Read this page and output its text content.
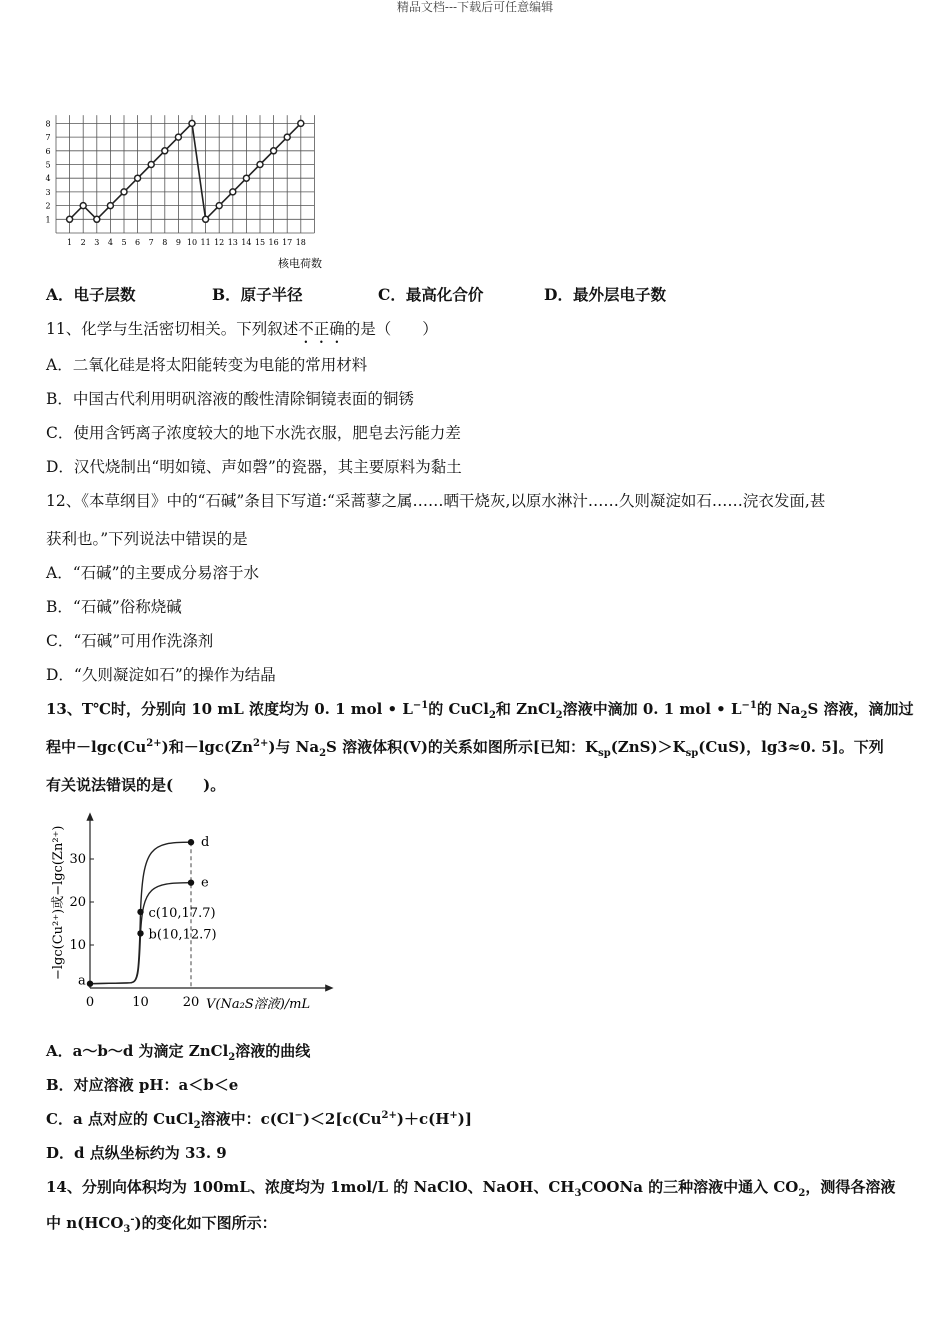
精品文档---下载后可任意编辑
1
2
3
4
5
6
7
8
1 2 3 4 5 6 7 8 9 10 11 12 13 14 15 16 17 18
核电荷数
A．电子层数	B．原子半径	C．最高化合价	D．最外层电子数
11、化学与生活密切相关。下列叙述不正确的是（　　）
A．二氧化硅是将太阳能转变为电能的常用材料
B．中国古代利用明矾溶液的酸性清除铜镜表面的铜锈
C．使用含钙离子浓度较大的地下水洗衣服，肥皂去污能力差
D．汉代烧制出“明如镜、声如磬”的瓷器，其主要原料为黏土
12、《本草纲目》中的“石碱”条目下写道:“采蒿蓼之属……晒干烧灰,以原水淋汁……久则凝淀如石……浣衣发面,甚
获利也。”下列说法中错误的是
A．“石碱”的主要成分易溶于水
B．“石碱”俗称烧碱
C．“石碱”可用作洗涤剂
D．“久则凝淀如石”的操作为结晶
13、T℃时，分别向 10 mL 浓度均为 0. 1 mol • $L^{-1}$的 CuCl$_2$和 ZnCl$_2$溶液中滴加 0. 1 mol • $L^{-1}$的 $Na_2S$ 溶液，滴加过
程中$-\lg c(Cu^{2+})$和$-\lg c(Zn^{2+})$与 $Na_2S$ 溶液体积(V)的关系如图所示[已知：$K_{sp}(ZnS)>K_{sp}(CuS)$，lg3≈0. 5]。下列
有关说法错误的是(　　)。
0	10	20
10
20
30
a
b(10,12.7)
c(10,17.7)
d
e
−lgc(Cu²⁺)或−lgc(Zn²⁺)
V(Na₂S溶液)/mL
A．a～b～d 为滴定 ZnCl$_2$溶液的曲线
B．对应溶液 pH：a＜b＜e
C．a 点对应的 CuCl$_2$溶液中：$c(Cl^-)<2[c(Cu^{2+})+c(H^+)]$
D．d 点纵坐标约为 33. 9
14、分别向体积均为 100mL、浓度均为 1mol/L 的 NaClO、NaOH、$CH_3COONa$ 的三种溶液中通入 $CO_2$，测得各溶液
中 $n(HCO_3^-)$的变化如下图所示：
